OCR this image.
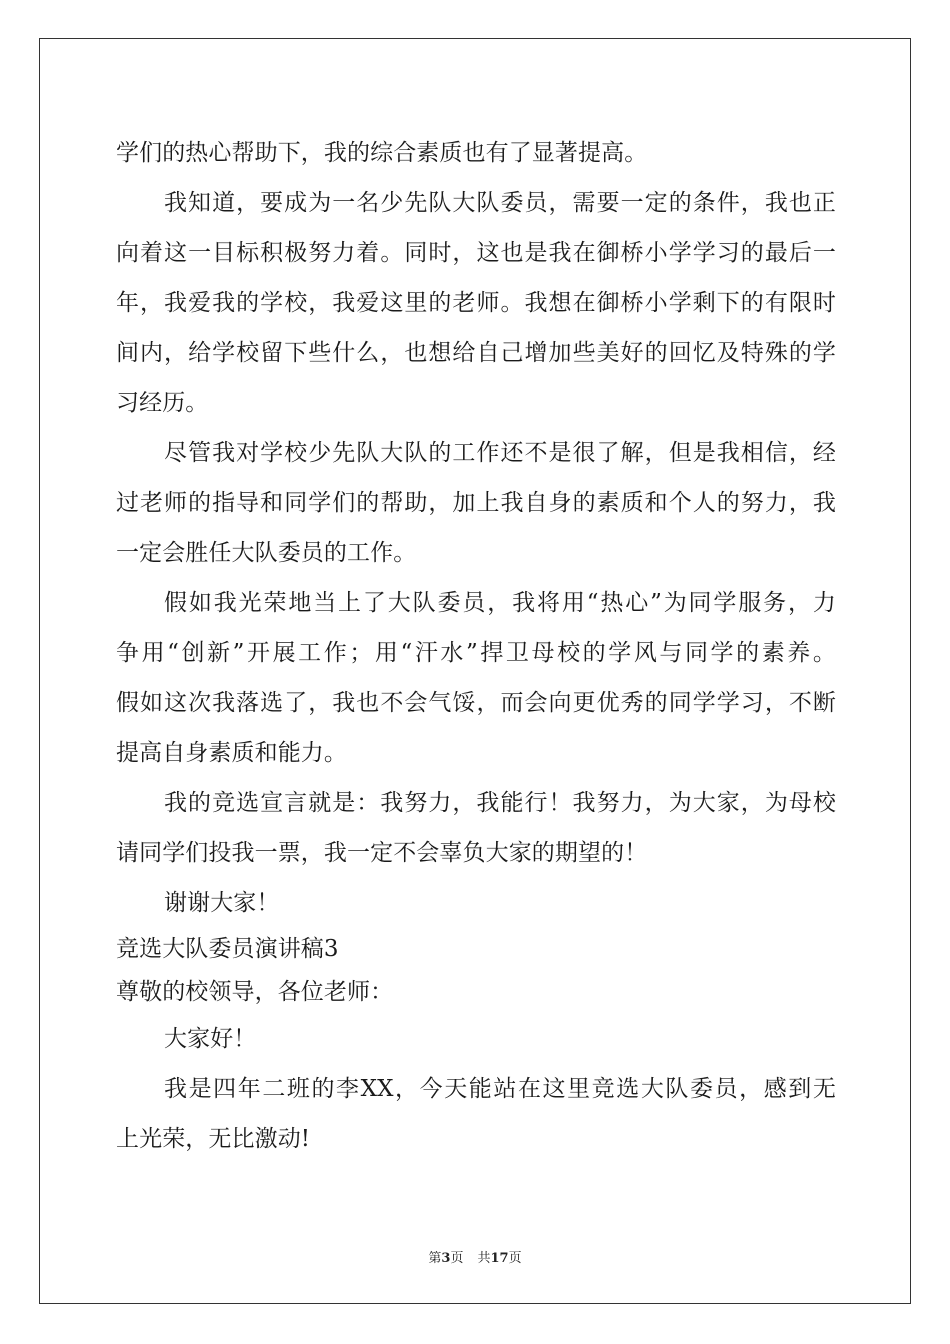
学们的热心帮助下，我的综合素质也有了显著提高。
我知道，要成为一名少先队大队委员，需要一定的条件，我也正
向着这一目标积极努力着。同时，这也是我在御桥小学学习的最后一
年，我爱我的学校，我爱这里的老师。我想在御桥小学剩下的有限时
间内，给学校留下些什么，也想给自己增加些美好的回忆及特殊的学
习经历。
尽管我对学校少先队大队的工作还不是很了解，但是我相信，经
过老师的指导和同学们的帮助，加上我自身的素质和个人的努力，我
一定会胜任大队委员的工作。
假如我光荣地当上了大队委员，我将用“热心”为同学服务，力
争用“创新”开展工作；用“汗水”捍卫母校的学风与同学的素养。
假如这次我落选了，我也不会气馁，而会向更优秀的同学学习，不断
提高自身素质和能力。
我的竞选宣言就是：我努力，我能行！我努力，为大家，为母校
请同学们投我一票，我一定不会辜负大家的期望的！
谢谢大家！
竞选大队委员演讲稿3
尊敬的校领导，各位老师：
大家好！
我是四年二班的李XX，今天能站在这里竞选大队委员，感到无
上光荣，无比激动!
第3页 共17页
